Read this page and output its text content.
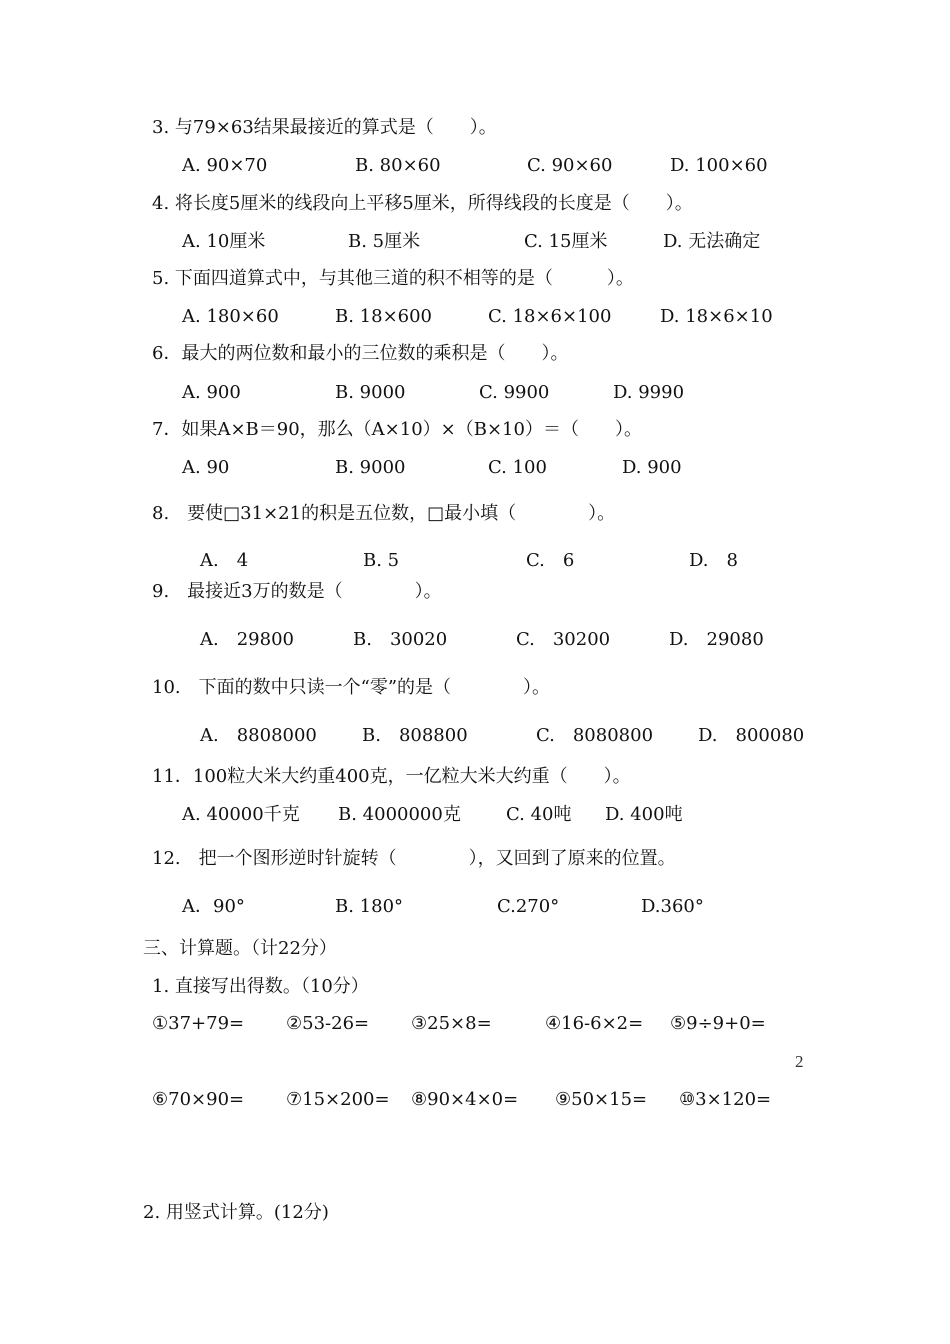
3. 与79×63结果最接近的算式是（　　）。
A. 90×70	B. 80×60	C. 90×60	D. 100×60
4. 将长度5厘米的线段向上平移5厘米，所得线段的长度是（　　）。
A. 10厘米	B. 5厘米	C. 15厘米	D. 无法确定
5. 下面四道算式中，与其他三道的积不相等的是（　　　）。
A. 180×60	B. 18×600	C. 18×6×100	D. 18×6×10
6．最大的两位数和最小的三位数的乘积是（　　）。
A. 900	B. 9000	C. 9900	D. 9990
7．如果A×B＝90，那么（A×10）×（B×10）＝（　　）。
A. 90	B. 9000	C. 100	D. 900
8.　要使□31×21的积是五位数，□最小填（　　　　）。
A.　4	B. 5	C.　6	D.　8
9.　最接近3万的数是（　　　　）。
A.　29800	B.　30020	C.　30200	D.　29080
10.　下面的数中只读一个“零”的是（　　　　）。
A.　8808000	B.　808800	C.　8080800 D.　800080
11．100粒大米大约重400克，一亿粒大米大约重（　　）。
A. 40000千克 B. 4000000克	C. 40吨 D. 400吨
12.　把一个图形逆时针旋转（　　　　），又回到了原来的位置。
A．90°	B. 180°	C.270°	D.360°
三、计算题。（计22分）
1. 直接写出得数。（10分）
①37+79= ②53-26= ③25×8=	④16-6×2= ⑤9÷9+0=
2
⑥70×90= ⑦15×200= ⑧90×4×0= ⑨50×15= ⑩3×120=
2. 用竖式计算。(12分)
